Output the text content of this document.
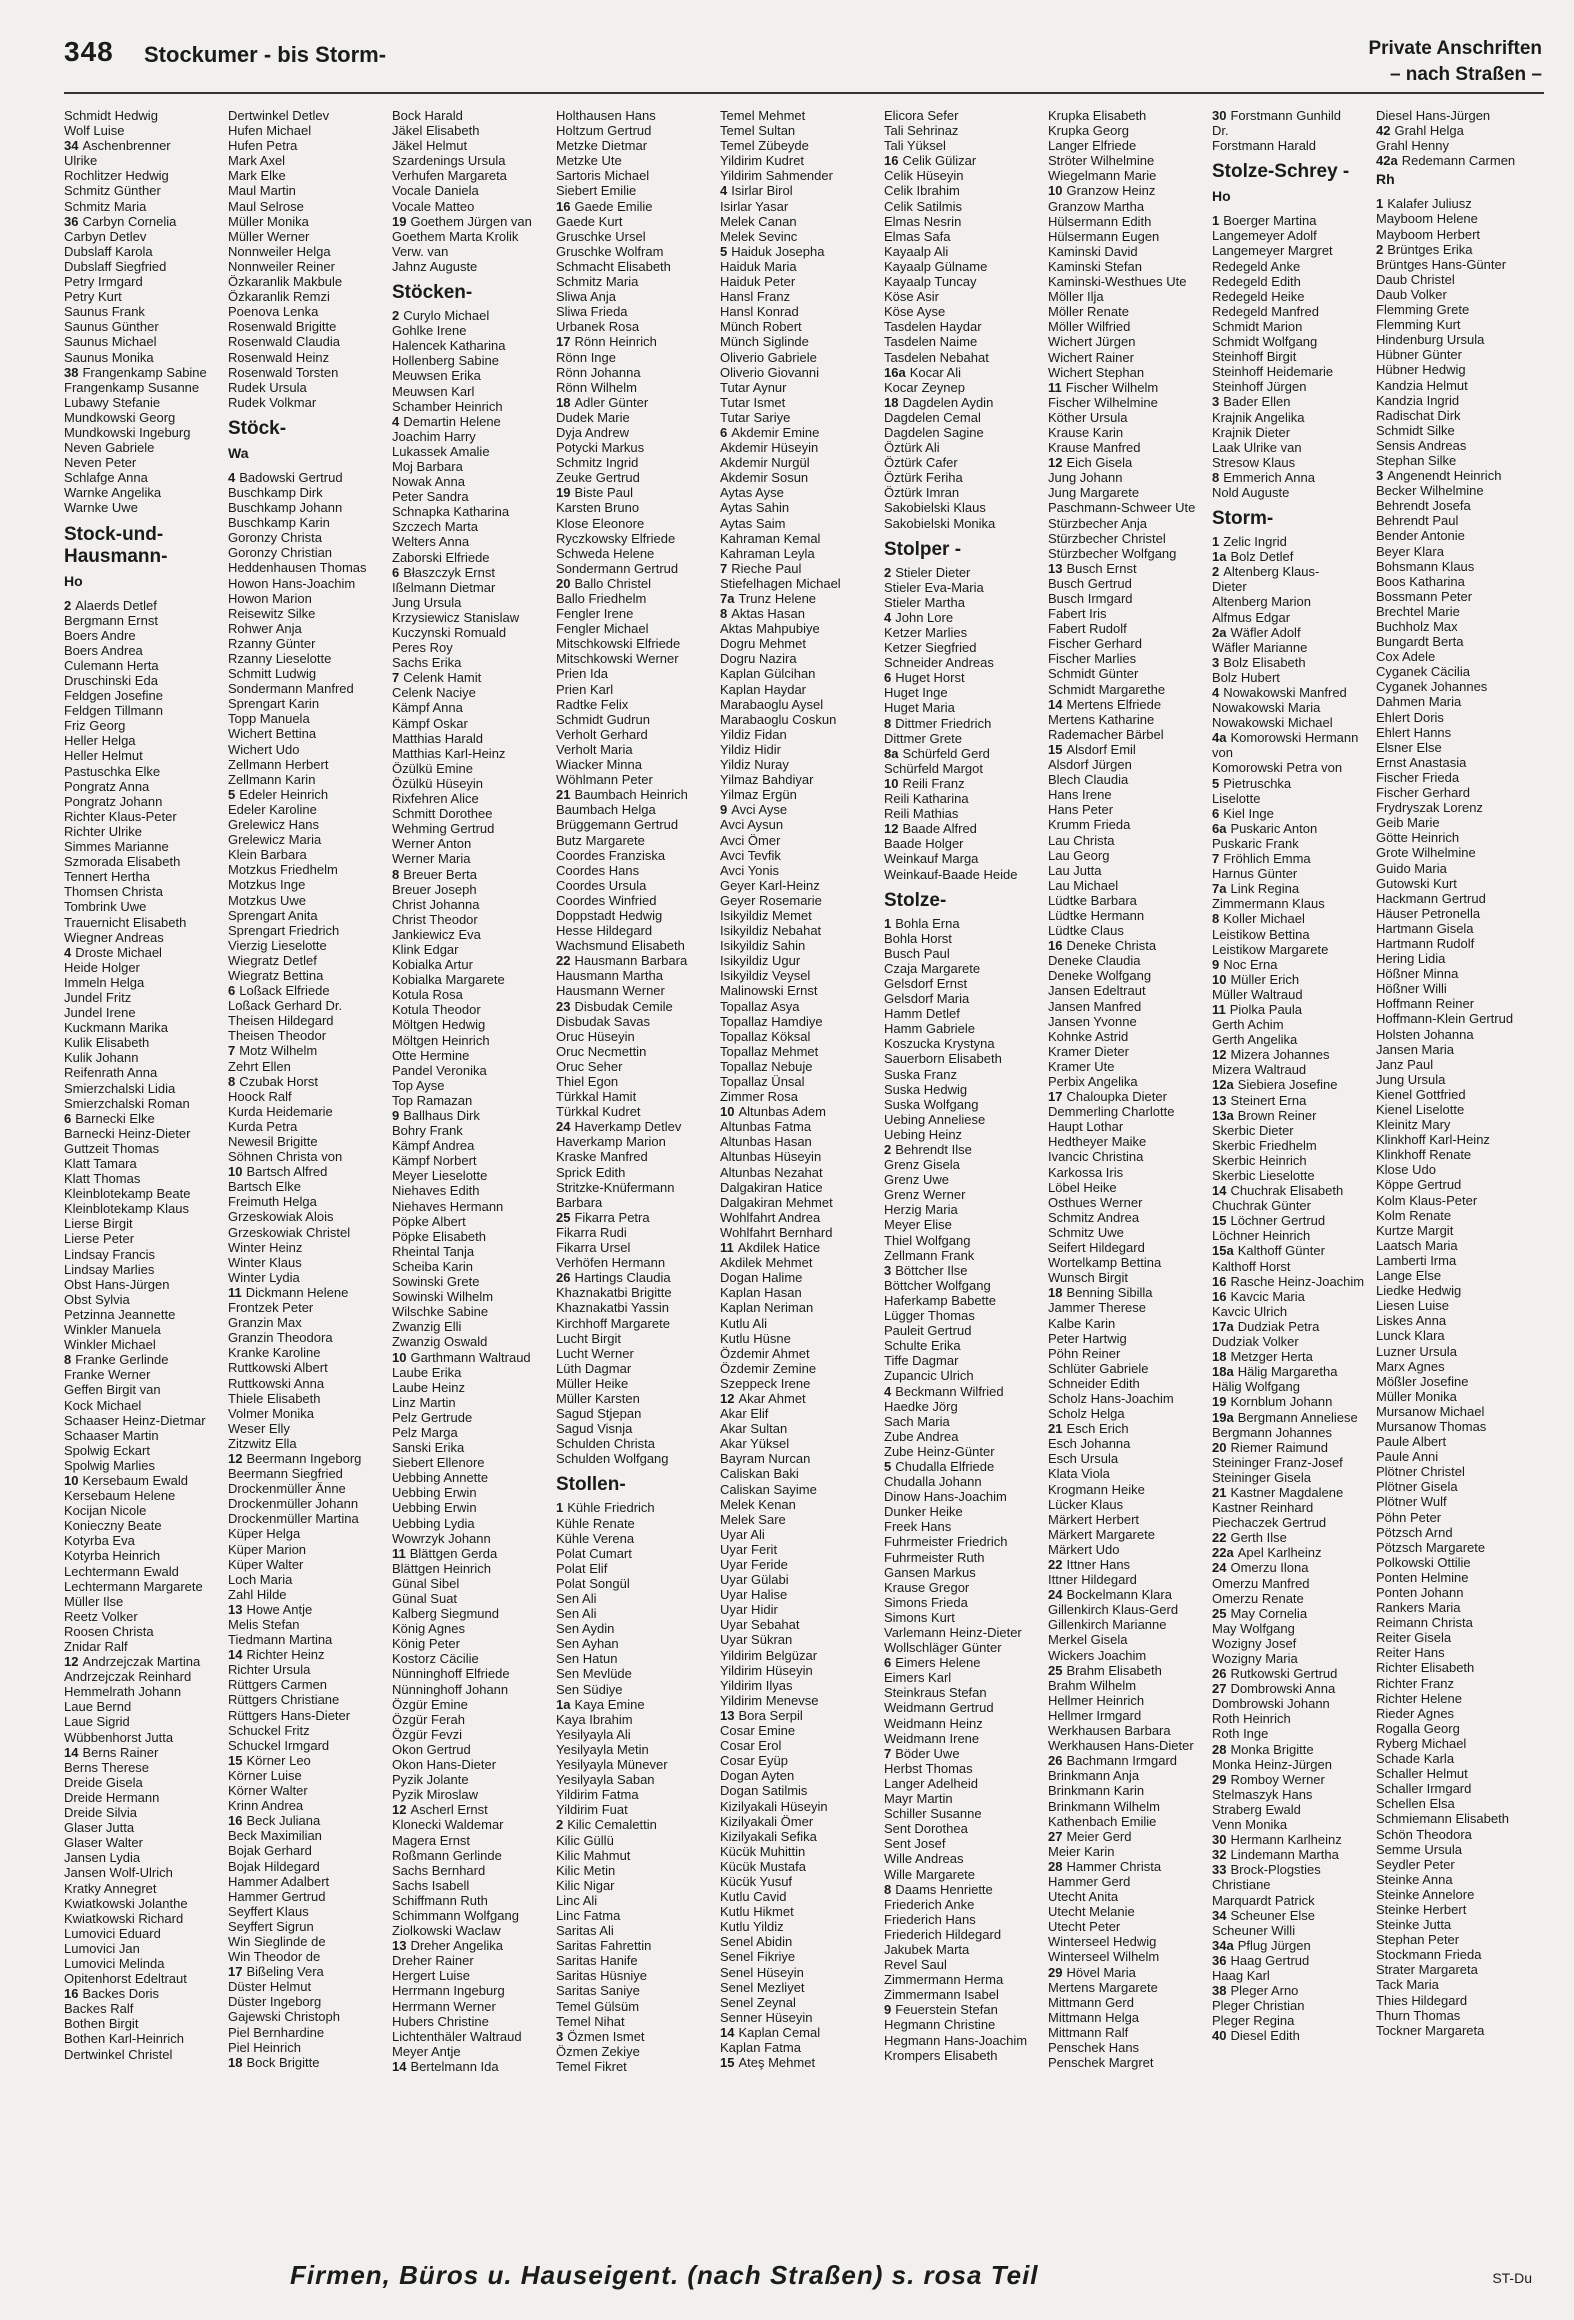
348 Stockumer - bis Storm-	Private Anschriften
– nach Straßen –
Schmidt Hedwig
Wolf Luise
34 Aschenbrenner
Ulrike
Rochlitzer Hedwig
Schmitz Günther
Schmitz Maria
36 Carbyn Cornelia
Carbyn Detlev
Dubslaff Karola
Dubslaff Siegfried
Petry Irmgard
Petry Kurt
Saunus Frank
Saunus Günther
Saunus Michael
Saunus Monika
38 Frangenkamp Sabine
Frangenkamp Susanne
Lubawy Stefanie
Mundkowski Georg
Mundkowski Ingeburg
Neven Gabriele
Neven Peter
Schlafge Anna
Warnke Angelika
Warnke Uwe
Stock-und-Hausmann-
Ho
2 Alaerds Detlef
Bergmann Ernst
Boers Andre
Boers Andrea
Culemann Herta
Druschinski Eda
Feldgen Josefine
Feldgen Tillmann
Friz Georg
Heller Helga
Heller Helmut
Pastuschka Elke
Pongratz Anna
Pongratz Johann
Richter Klaus-Peter
Richter Ulrike
Simmes Marianne
Szmorada Elisabeth
Tennert Hertha
Thomsen Christa
Tombrink Uwe
Trauernicht Elisabeth
Wiegner Andreas
4 Droste Michael
Heide Holger
Immeln Helga
Jundel Fritz
Jundel Irene
Kuckmann Marika
Kulik Elisabeth
Kulik Johann
Reifenrath Anna
Smierzchalski Lidia
Smierzchalski Roman
6 Barnecki Elke
Barnecki Heinz-Dieter
Guttzeit Thomas
Klatt Tamara
Klatt Thomas
Kleinblotekamp Beate
Kleinblotekamp Klaus
Lierse Birgit
Lierse Peter
Lindsay Francis
Lindsay Marlies
Obst Hans-Jürgen
Obst Sylvia
Petzinna Jeannette
Winkler Manuela
Winkler Michael
8 Franke Gerlinde
Franke Werner
Geffen Birgit van
Kock Michael
Schaaser Heinz-Dietmar
Schaaser Martin
Spolwig Eckart
Spolwig Marlies
10 Kersebaum Ewald
Kersebaum Helene
Kocijan Nicole
Konieczny Beate
Kotyrba Eva
Kotyrba Heinrich
Lechtermann Ewald
Lechtermann Margarete
Müller Ilse
Reetz Volker
Roosen Christa
Znidar Ralf
12 Andrzejczak Martina
Andrzejczak Reinhard
Hemmelrath Johann
Laue Bernd
Laue Sigrid
Wübbenhorst Jutta
14 Berns Rainer
Berns Therese
Dreide Gisela
Dreide Hermann
Dreide Silvia
Glaser Jutta
Glaser Walter
Jansen Lydia
Jansen Wolf-Ulrich
Kratky Annegret
Kwiatkowski Jolanthe
Kwiatkowski Richard
Lumovici Eduard
Lumovici Jan
Lumovici Melinda
Opitenhorst Edeltraut
16 Backes Doris
Backes Ralf
Bothen Birgit
Bothen Karl-Heinrich
Dertwinkel Christel
Dertwinkel Detlev
Hufen Michael
Hufen Petra
Mark Axel
Mark Elke
Maul Martin
Maul Selrose
Müller Monika
Müller Werner
Nonnweiler Helga
Nonnweiler Reiner
Özkaranlik Makbule
Özkaranlik Remzi
Poenova Lenka
Rosenwald Brigitte
Rosenwald Claudia
Rosenwald Heinz
Rosenwald Torsten
Rudek Ursula
Rudek Volkmar
Stöck-
Wa
4 Badowski Gertrud
Buschkamp Dirk
Buschkamp Johann
Buschkamp Karin
Goronzy Christa
Goronzy Christian
Heddenhausen Thomas
Howon Hans-Joachim
Howon Marion
Reisewitz Silke
Rohwer Anja
Rzanny Günter
Rzanny Lieselotte
Schmitt Ludwig
Sondermann Manfred
Sprengart Karin
Topp Manuela
Wichert Bettina
Wichert Udo
Zellmann Herbert
Zellmann Karin
5 Edeler Heinrich
Edeler Karoline
Grelewicz Hans
Grelewicz Maria
Klein Barbara
Motzkus Friedhelm
Motzkus Inge
Motzkus Uwe
Sprengart Anita
Sprengart Friedrich
Vierzig Lieselotte
Wiegratz Detlef
Wiegratz Bettina
6 Loßack Elfriede
Loßack Gerhard Dr.
Theisen Hildegard
Theisen Theodor
7 Motz Wilhelm
Zehrt Ellen
8 Czubak Horst
Hoock Ralf
Kurda Heidemarie
Kurda Petra
Newesil Brigitte
Söhnen Christa von
10 Bartsch Alfred
Bartsch Elke
Freimuth Helga
Grzeskowiak Alois
Grzeskowiak Christel
Winter Heinz
Winter Klaus
Winter Lydia
11 Dickmann Helene
Frontzek Peter
Granzin Max
Granzin Theodora
Kranke Karoline
Ruttkowski Albert
Ruttkowski Anna
Thiele Elisabeth
Volmer Monika
Weser Elly
Zitzwitz Ella
12 Beermann Ingeborg
Beermann Siegfried
Drockenmüller Änne
Drockenmüller Johann
Drockenmüller Martina
Küper Helga
Küper Marion
Küper Walter
Loch Maria
Zahl Hilde
13 Howe Antje
Melis Stefan
Tiedmann Martina
14 Richter Heinz
Richter Ursula
Rüttgers Carmen
Rüttgers Christiane
Rüttgers Hans-Dieter
Schuckel Fritz
Schuckel Irmgard
15 Körner Leo
Körner Luise
Körner Walter
Krinn Andrea
16 Beck Juliana
Beck Maximilian
Bojak Gerhard
Bojak Hildegard
Hammer Adalbert
Hammer Gertrud
Seyffert Klaus
Seyffert Sigrun
Win Sieglinde de
Win Theodor de
17 Bißeling Vera
Düster Helmut
Düster Ingeborg
Gajewski Christoph
Piel Bernhardine
Piel Heinrich
18 Bock Brigitte
Bock Harald
Jäkel Elisabeth
Jäkel Helmut
Szardenings Ursula
Verhufen Margareta
Vocale Daniela
Vocale Matteo
19 Goethem Jürgen van
Goethem Marta Krolik
Verw. van
Jahnz Auguste
Stöcken-
2 Curylo Michael
Gohlke Irene
Halencek Katharina
Hollenberg Sabine
Meuwsen Erika
Meuwsen Karl
Schamber Heinrich
4 Demartin Helene
Joachim Harry
Lukassek Amalie
Moj Barbara
Nowak Anna
Peter Sandra
Schnapka Katharina
Szczech Marta
Welters Anna
Zaborski Elfriede
6 Błaszczyk Ernst
Ißelmann Dietmar
Jung Ursula
Krzysiewicz Stanislaw
Kuczynski Romuald
Peres Roy
Sachs Erika
7 Celenk Hamit
Celenk Naciye
Kämpf Anna
Kämpf Oskar
Matthias Harald
Matthias Karl-Heinz
Özülkü Emine
Özülkü Hüseyin
Rixfehren Alice
Schmitt Dorothee
Wehming Gertrud
Werner Anton
Werner Maria
8 Breuer Berta
Breuer Joseph
Christ Johanna
Christ Theodor
Jankiewicz Eva
Klink Edgar
Kobialka Artur
Kobialka Margarete
Kotula Rosa
Kotula Theodor
Möltgen Hedwig
Möltgen Heinrich
Otte Hermine
Pandel Veronika
Top Ayse
Top Ramazan
9 Ballhaus Dirk
Bohry Frank
Kämpf Andrea
Kämpf Norbert
Meyer Lieselotte
Niehaves Edith
Niehaves Hermann
Pöpke Albert
Pöpke Elisabeth
Rheintal Tanja
Scheiba Karin
Sowinski Grete
Sowinski Wilhelm
Wilschke Sabine
Zwanzig Elli
Zwanzig Oswald
10 Garthmann Waltraud
Laube Erika
Laube Heinz
Linz Martin
Pelz Gertrude
Pelz Marga
Sanski Erika
Siebert Ellenore
Uebbing Annette
Uebbing Erwin
Uebbing Erwin
Uebbing Lydia
Wowrzyk Johann
11 Blättgen Gerda
Blättgen Heinrich
Günal Sibel
Günal Suat
Kalberg Siegmund
König Agnes
König Peter
Kostorz Cäcilie
Nünninghoff Elfriede
Nünninghoff Johann
Özgür Emine
Özgür Ferah
Özgür Fevzi
Okon Gertrud
Okon Hans-Dieter
Pyzik Jolante
Pyzik Miroslaw
12 Ascherl Ernst
Klonecki Waldemar
Magera Ernst
Roßmann Gerlinde
Sachs Bernhard
Sachs Isabell
Schiffmann Ruth
Schimmann Wolfgang
Ziolkowski Waclaw
13 Dreher Angelika
Dreher Rainer
Hergert Luise
Herrmann Ingeburg
Herrmann Werner
Hubers Christine
Lichtenthäler Waltraud
Meyer Antje
14 Bertelmann Ida
Holthausen Hans
Holtzum Gertrud
Metzke Dietmar
Metzke Ute
Sartoris Michael
Siebert Emilie
16 Gaede Emilie
Gaede Kurt
Gruschke Ursel
Gruschke Wolfram
Schmacht Elisabeth
Schmitz Maria
Sliwa Anja
Sliwa Frieda
Urbanek Rosa
17 Rönn Heinrich
Rönn Inge
Rönn Johanna
Rönn Wilhelm
18 Adler Günter
Dudek Marie
Dyja Andrew
Potycki Markus
Schmitz Ingrid
Zeuke Gertrud
19 Biste Paul
Karsten Bruno
Klose Eleonore
Ryczkowsky Elfriede
Schweda Helene
Sondermann Gertrud
20 Ballo Christel
Ballo Friedhelm
Fengler Irene
Fengler Michael
Mitschkowski Elfriede
Mitschkowski Werner
Prien Ida
Prien Karl
Radtke Felix
Schmidt Gudrun
Verholt Gerhard
Verholt Maria
Wiacker Minna
Wöhlmann Peter
21 Baumbach Heinrich
Baumbach Helga
Brüggemann Gertrud
Butz Margarete
Coordes Franziska
Coordes Hans
Coordes Ursula
Coordes Winfried
Doppstadt Hedwig
Hesse Hildegard
Wachsmund Elisabeth
22 Hausmann Barbara
Hausmann Martha
Hausmann Werner
23 Disbudak Cemile
Disbudak Savas
Oruc Hüseyin
Oruc Necmettin
Oruc Seher
Thiel Egon
Türkkal Hamit
Türkkal Kudret
24 Haverkamp Detlev
Haverkamp Marion
Kraske Manfred
Sprick Edith
Stritzke-Knüfermann
Barbara
25 Fikarra Petra
Fikarra Rudi
Fikarra Ursel
Verhöfen Hermann
26 Hartings Claudia
Khaznakatbi Brigitte
Khaznakatbi Yassin
Kirchhoff Margarete
Lucht Birgit
Lucht Werner
Lüth Dagmar
Müller Heike
Müller Karsten
Sagud Stjepan
Sagud Visnja
Schulden Christa
Schulden Wolfgang
Stollen-
1 Kühle Friedrich
Kühle Renate
Kühle Verena
Polat Cumart
Polat Elif
Polat Songül
Sen Ali
Sen Ali
Sen Aydin
Sen Ayhan
Sen Hatun
Sen Mevlüde
Sen Südiye
1a Kaya Emine
Kaya Ibrahim
Yesilyayla Ali
Yesilyayla Metin
Yesilyayla Münever
Yesilyayla Saban
Yildirim Fatma
Yildirim Fuat
2 Kilic Cemalettin
Kilic Güllü
Kilic Mahmut
Kilic Metin
Kilic Nigar
Linc Ali
Linc Fatma
Saritas Ali
Saritas Fahrettin
Saritas Hanife
Saritas Hüsniye
Saritas Saniye
Temel Gülsüm
Temel Nihat
3 Özmen Ismet
Özmen Zekiye
Temel Fikret
Temel Mehmet
Temel Sultan
Temel Zübeyde
Yildirim Kudret
Yildirim Sahmender
4 Isirlar Birol
Isirlar Yasar
Melek Canan
Melek Sevinc
5 Haiduk Josepha
Haiduk Maria
Haiduk Peter
Hansl Franz
Hansl Konrad
Münch Robert
Münch Siglinde
Oliverio Gabriele
Oliverio Giovanni
Tutar Aynur
Tutar Ismet
Tutar Sariye
6 Akdemir Emine
Akdemir Hüseyin
Akdemir Nurgül
Akdemir Sosun
Aytas Ayse
Aytas Sahin
Aytas Saim
Kahraman Kemal
Kahraman Leyla
7 Rieche Paul
Stiefelhagen Michael
7a Trunz Helene
8 Aktas Hasan
Aktas Mahpubiye
Dogru Mehmet
Dogru Nazira
Kaplan Gülcihan
Kaplan Haydar
Marabaoglu Aysel
Marabaoglu Coskun
Yildiz Fidan
Yildiz Hidir
Yildiz Nuray
Yilmaz Bahdiyar
Yilmaz Ergün
9 Avci Ayse
Avci Aysun
Avci Ömer
Avci Tevfik
Avci Yonis
Geyer Karl-Heinz
Geyer Rosemarie
Isikyildiz Memet
Isikyildiz Nebahat
Isikyildiz Sahin
Isikyildiz Ugur
Isikyildiz Veysel
Malinowski Ernst
Topallaz Asya
Topallaz Hamdiye
Topallaz Köksal
Topallaz Mehmet
Topallaz Nebuje
Topallaz Ünsal
Zimmer Rosa
10 Altunbas Adem
Altunbas Fatma
Altunbas Hasan
Altunbas Hüseyin
Altunbas Nezahat
Dalgakiran Hatice
Dalgakiran Mehmet
Wohlfahrt Andrea
Wohlfahrt Bernhard
11 Akdilek Hatice
Akdilek Mehmet
Dogan Halime
Kaplan Hasan
Kaplan Neriman
Kutlu Ali
Kutlu Hüsne
Özdemir Ahmet
Özdemir Zemine
Szeppeck Irene
12 Akar Ahmet
Akar Elif
Akar Sultan
Akar Yüksel
Bayram Nurcan
Caliskan Baki
Caliskan Sayime
Melek Kenan
Melek Sare
Uyar Ali
Uyar Ferit
Uyar Feride
Uyar Gülabi
Uyar Halise
Uyar Hidir
Uyar Sebahat
Uyar Sükran
Yildirim Belgüzar
Yildirim Hüseyin
Yildirim Ilyas
Yildirim Menevse
13 Bora Serpil
Cosar Emine
Cosar Erol
Cosar Eyüp
Dogan Ayten
Dogan Satilmis
Kizilyakali Hüseyin
Kizilyakali Ömer
Kizilyakali Sefika
Kücük Muhittin
Kücük Mustafa
Kücük Yusuf
Kutlu Cavid
Kutlu Hikmet
Kutlu Yildiz
Senel Abidin
Senel Fikriye
Senel Hüseyin
Senel Mezliyet
Senel Zeynal
Senner Hüseyin
14 Kaplan Cemal
Kaplan Fatma
15 Ateş Mehmet
Elicora Sefer
Tali Sehrinaz
Tali Yüksel
16 Celik Gülizar
Celik Hüseyin
Celik Ibrahim
Celik Satilmis
Elmas Nesrin
Elmas Safa
Kayaalp Ali
Kayaalp Gülname
Kayaalp Tuncay
Köse Asir
Köse Ayse
Tasdelen Haydar
Tasdelen Naime
Tasdelen Nebahat
16a Kocar Ali
Kocar Zeynep
18 Dagdelen Aydin
Dagdelen Cemal
Dagdelen Sagine
Öztürk Ali
Öztürk Cafer
Öztürk Feriha
Öztürk Imran
Sakobielski Klaus
Sakobielski Monika
Stolper -
2 Stieler Dieter
Stieler Eva-Maria
Stieler Martha
4 John Lore
Ketzer Marlies
Ketzer Siegfried
Schneider Andreas
6 Huget Horst
Huget Inge
Huget Maria
8 Dittmer Friedrich
Dittmer Grete
8a Schürfeld Gerd
Schürfeld Margot
10 Reili Franz
Reili Katharina
Reili Mathias
12 Baade Alfred
Baade Holger
Weinkauf Marga
Weinkauf-Baade Heide
Stolze-
1 Bohla Erna
Bohla Horst
Busch Paul
Czaja Margarete
Gelsdorf Ernst
Gelsdorf Maria
Hamm Detlef
Hamm Gabriele
Koszucka Krystyna
Sauerborn Elisabeth
Suska Franz
Suska Hedwig
Suska Wolfgang
Uebing Anneliese
Uebing Heinz
2 Behrendt Ilse
Grenz Gisela
Grenz Uwe
Grenz Werner
Herzig Maria
Meyer Elise
Thiel Wolfgang
Zellmann Frank
3 Böttcher Ilse
Böttcher Wolfgang
Haferkamp Babette
Lügger Thomas
Pauleit Gertrud
Schulte Erika
Tiffe Dagmar
Zupancic Ulrich
4 Beckmann Wilfried
Haedke Jörg
Sach Maria
Zube Andrea
Zube Heinz-Günter
5 Chudalla Elfriede
Chudalla Johann
Dinow Hans-Joachim
Dunker Heike
Freek Hans
Fuhrmeister Friedrich
Fuhrmeister Ruth
Gansen Markus
Krause Gregor
Simons Frieda
Simons Kurt
Varlemann Heinz-Dieter
Wollschläger Günter
6 Eimers Helene
Eimers Karl
Steinkraus Stefan
Weidmann Gertrud
Weidmann Heinz
Weidmann Irene
7 Böder Uwe
Herbst Thomas
Langer Adelheid
Mayr Martin
Schiller Susanne
Sent Dorothea
Sent Josef
Wille Andreas
Wille Margarete
8 Daams Henriette
Friederich Anke
Friederich Hans
Friederich Hildegard
Jakubek Marta
Revel Saul
Zimmermann Herma
Zimmermann Isabel
9 Feuerstein Stefan
Hegmann Christine
Hegmann Hans-Joachim
Krompers Elisabeth
Krupka Elisabeth
Krupka Georg
Langer Elfriede
Ströter Wilhelmine
Wiegelmann Marie
10 Granzow Heinz
Granzow Martha
Hülsermann Edith
Hülsermann Eugen
Kaminski David
Kaminski Stefan
Kaminski-Westhues Ute
Möller Ilja
Möller Renate
Möller Wilfried
Wichert Jürgen
Wichert Rainer
Wichert Stephan
11 Fischer Wilhelm
Fischer Wilhelmine
Köther Ursula
Krause Karin
Krause Manfred
12 Eich Gisela
Jung Johann
Jung Margarete
Paschmann-Schweer Ute
Stürzbecher Anja
Stürzbecher Christel
Stürzbecher Wolfgang
13 Busch Ernst
Busch Gertrud
Busch Irmgard
Fabert Iris
Fabert Rudolf
Fischer Gerhard
Fischer Marlies
Schmidt Günter
Schmidt Margarethe
14 Mertens Elfriede
Mertens Katharine
Rademacher Bärbel
15 Alsdorf Emil
Alsdorf Jürgen
Blech Claudia
Hans Irene
Hans Peter
Krumm Frieda
Lau Christa
Lau Georg
Lau Jutta
Lau Michael
Lüdtke Barbara
Lüdtke Hermann
Lüdtke Claus
16 Deneke Christa
Deneke Claudia
Deneke Wolfgang
Jansen Edeltraut
Jansen Manfred
Jansen Yvonne
Kohnke Astrid
Kramer Dieter
Kramer Ute
Perbix Angelika
17 Chaloupka Dieter
Demmerling Charlotte
Haupt Lothar
Hedtheyer Maike
Ivancic Christina
Karkossa Iris
Löbel Heike
Osthues Werner
Schmitz Andrea
Schmitz Uwe
Seifert Hildegard
Wortelkamp Bettina
Wunsch Birgit
18 Benning Sibilla
Jammer Therese
Kalbe Karin
Peter Hartwig
Pöhn Reiner
Schlüter Gabriele
Schneider Edith
Scholz Hans-Joachim
Scholz Helga
21 Esch Erich
Esch Johanna
Esch Ursula
Klata Viola
Krogmann Heike
Lücker Klaus
Märkert Herbert
Märkert Margarete
Märkert Udo
22 Ittner Hans
Ittner Hildegard
24 Bockelmann Klara
Gillenkirch Klaus-Gerd
Gillenkirch Marianne
Merkel Gisela
Wickers Joachim
25 Brahm Elisabeth
Brahm Wilhelm
Hellmer Heinrich
Hellmer Irmgard
Werkhausen Barbara
Werkhausen Hans-Dieter
26 Bachmann Irmgard
Brinkmann Anja
Brinkmann Karin
Brinkmann Wilhelm
Kathenbach Emilie
27 Meier Gerd
Meier Karin
28 Hammer Christa
Hammer Gerd
Utecht Anita
Utecht Melanie
Utecht Peter
Winterseel Hedwig
Winterseel Wilhelm
29 Hövel Maria
Mertens Margarete
Mittmann Gerd
Mittmann Helga
Mittmann Ralf
Penschek Hans
Penschek Margret
30 Forstmann Gunhild
Dr.
Forstmann Harald
Stolze-Schrey -
Ho
1 Boerger Martina
Langemeyer Adolf
Langemeyer Margret
Redegeld Anke
Redegeld Edith
Redegeld Heike
Redegeld Manfred
Schmidt Marion
Schmidt Wolfgang
Steinhoff Birgit
Steinhoff Heidemarie
Steinhoff Jürgen
3 Bader Ellen
Krajnik Angelika
Krajnik Dieter
Laak Ulrike van
Stresow Klaus
8 Emmerich Anna
Nold Auguste
Storm-
1 Zelic Ingrid
1a Bolz Detlef
2 Altenberg Klaus-
Dieter
Altenberg Marion
Alfmus Edgar
2a Wäfler Adolf
Wäfler Marianne
3 Bolz Elisabeth
Bolz Hubert
4 Nowakowski Manfred
Nowakowski Maria
Nowakowski Michael
4a Komorowski Hermann
von
Komorowski Petra von
5 Pietruschka
Liselotte
6 Kiel Inge
6a Puskaric Anton
Puskaric Frank
7 Fröhlich Emma
Harnus Günter
7a Link Regina
Zimmermann Klaus
8 Koller Michael
Leistikow Bettina
Leistikow Margarete
9 Noc Erna
10 Müller Erich
Müller Waltraud
11 Piolka Paula
Gerth Achim
Gerth Angelika
12 Mizera Johannes
Mizera Waltraud
12a Siebiera Josefine
13 Steinert Erna
13a Brown Reiner
Skerbic Dieter
Skerbic Friedhelm
Skerbic Heinrich
Skerbic Lieselotte
14 Chuchrak Elisabeth
Chuchrak Günter
15 Löchner Gertrud
Löchner Heinrich
15a Kalthoff Günter
Kalthoff Horst
16 Rasche Heinz-Joachim
16 Kavcic Maria
Kavcic Ulrich
17a Dudziak Petra
Dudziak Volker
18 Metzger Herta
18a Hälig Margaretha
Hälig Wolfgang
19 Kornblum Johann
19a Bergmann Anneliese
Bergmann Johannes
20 Riemer Raimund
Steininger Franz-Josef
Steininger Gisela
21 Kastner Magdalene
Kastner Reinhard
Piechaczek Gertrud
22 Gerth Ilse
22a Apel Karlheinz
24 Omerzu Ilona
Omerzu Manfred
Omerzu Renate
25 May Cornelia
May Wolfgang
Wozigny Josef
Wozigny Maria
26 Rutkowski Gertrud
27 Dombrowski Anna
Dombrowski Johann
Roth Heinrich
Roth Inge
28 Monka Brigitte
Monka Heinz-Jürgen
29 Romboy Werner
Stelmaszyk Hans
Straberg Ewald
Venn Monika
30 Hermann Karlheinz
32 Lindemann Martha
33 Brock-Plogsties
Christiane
Marquardt Patrick
34 Scheuner Else
Scheuner Willi
34a Pflug Jürgen
36 Haag Gertrud
Haag Karl
38 Pleger Arno
Pleger Christian
Pleger Regina
40 Diesel Edith
Diesel Hans-Jürgen
42 Grahl Helga
Grahl Henny
42a Redemann Carmen
Rh
1 Kalafer Juliusz
Mayboom Helene
Mayboom Herbert
2 Brüntges Erika
Brüntges Hans-Günter
Daub Christel
Daub Volker
Flemming Grete
Flemming Kurt
Hindenburg Ursula
Hübner Günter
Hübner Hedwig
Kandzia Helmut
Kandzia Ingrid
Radischat Dirk
Schmidt Silke
Sensis Andreas
Stephan Silke
3 Angenendt Heinrich
Becker Wilhelmine
Behrendt Josefa
Behrendt Paul
Bender Antonie
Beyer Klara
Bohsmann Klaus
Boos Katharina
Bossmann Peter
Brechtel Marie
Buchholz Max
Bungardt Berta
Cox Adele
Cyganek Cäcilia
Cyganek Johannes
Dahmen Maria
Ehlert Doris
Ehlert Hanns
Elsner Else
Ernst Anastasia
Fischer Frieda
Fischer Gerhard
Frydryszak Lorenz
Geib Marie
Götte Heinrich
Grote Wilhelmine
Guido Maria
Gutowski Kurt
Hackmann Gertrud
Häuser Petronella
Hartmann Gisela
Hartmann Rudolf
Hering Lidia
Hößner Minna
Hößner Willi
Hoffmann Reiner
Hoffmann-Klein Gertrud
Holsten Johanna
Jansen Maria
Janz Paul
Jung Ursula
Kienel Gottfried
Kienel Liselotte
Kleinitz Mary
Klinkhoff Karl-Heinz
Klinkhoff Renate
Klose Udo
Köppe Gertrud
Kolm Klaus-Peter
Kolm Renate
Kurtze Margit
Laatsch Maria
Lamberti Irma
Lange Else
Liedke Hedwig
Liesen Luise
Liskes Anna
Lunck Klara
Luzner Ursula
Marx Agnes
Mößler Josefine
Müller Monika
Mursanow Michael
Mursanow Thomas
Paule Albert
Paule Anni
Plötner Christel
Plötner Gisela
Plötner Wulf
Pöhn Peter
Pötzsch Arnd
Pötzsch Margarete
Polkowski Ottilie
Ponten Helmine
Ponten Johann
Rankers Maria
Reimann Christa
Reiter Gisela
Reiter Hans
Richter Elisabeth
Richter Franz
Richter Helene
Rieder Agnes
Rogalla Georg
Ryberg Michael
Schade Karla
Schaller Helmut
Schaller Irmgard
Schellen Elsa
Schmiemann Elisabeth
Schön Theodora
Semme Ursula
Seydler Peter
Steinke Anna
Steinke Annelore
Steinke Herbert
Steinke Jutta
Stephan Peter
Stockmann Frieda
Strater Margareta
Tack Maria
Thies Hildegard
Thurn Thomas
Tockner Margareta
Firmen, Büros u. Hauseigent. (nach Straßen) s. rosa Teil	ST-Du
